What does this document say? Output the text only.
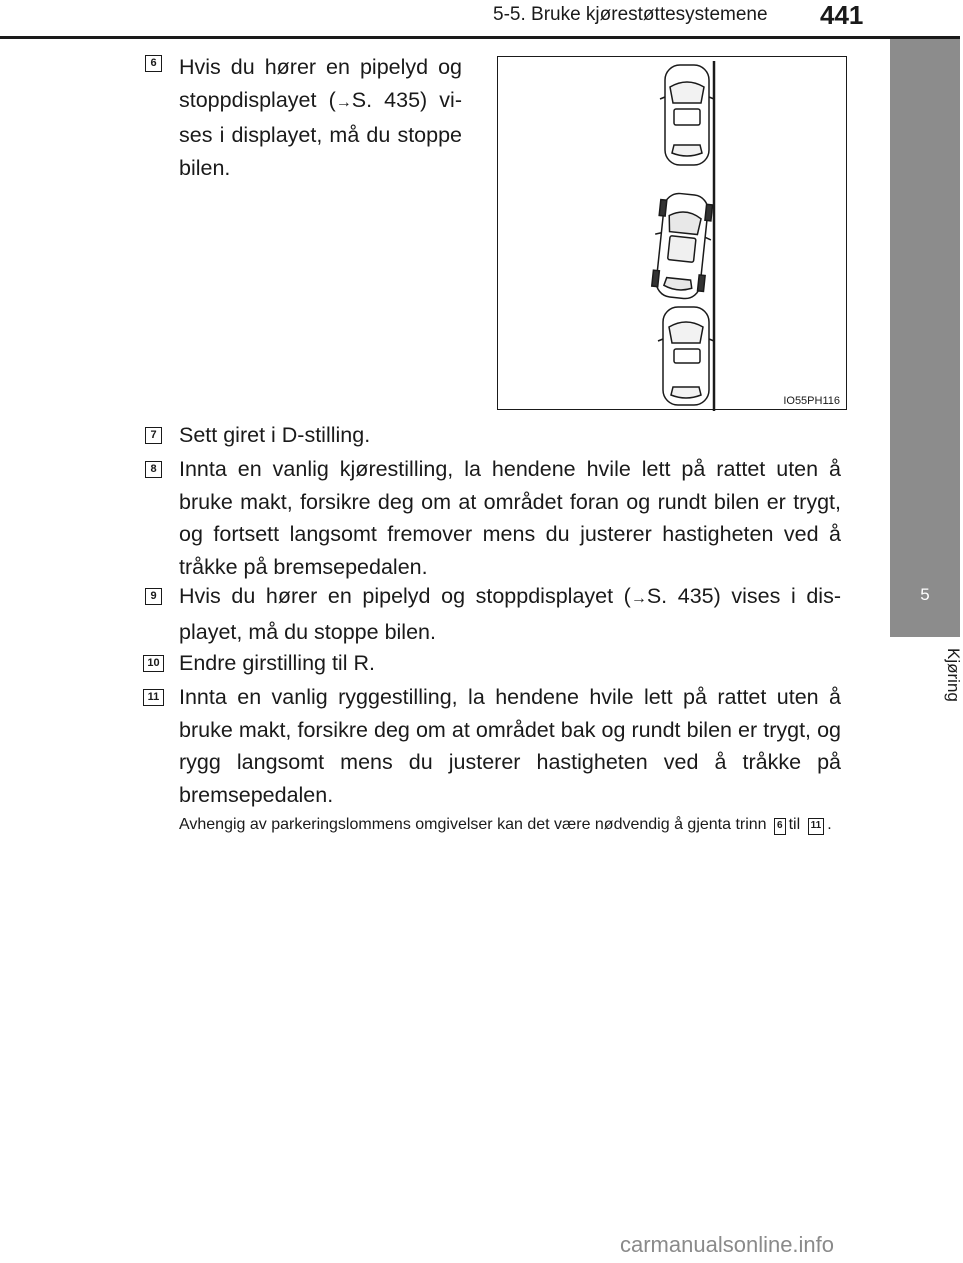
5-5. Bruke kjørestøttesystemene	441
5
Kjøring
6 Hvis du hører en pipelyd og stoppdisplayet (→S. 435) vi-ses i displayet, må du stoppe bilen.
IO55PH116
7 Sett giret i D-stilling.
8 Innta en vanlig kjørestilling, la hendene hvile lett på rattet uten å bruke makt, forsikre deg om at området foran og rundt bilen er trygt, og fortsett langsomt fremover mens du justerer hastigheten ved å tråkke på bremsepedalen.
9 Hvis du hører en pipelyd og stoppdisplayet (→S. 435) vises i dis-playet, må du stoppe bilen.
10 Endre girstilling til R.
11 Innta en vanlig ryggestilling, la hendene hvile lett på rattet uten å bruke makt, forsikre deg om at området bak og rundt bilen er trygt, og rygg langsomt mens du justerer hastigheten ved å tråkke på bremsepedalen.
Avhengig av parkeringslommens omgivelser kan det være nødvendig å gjenta trinn 6 til 11 .
carmanualsonline.info
